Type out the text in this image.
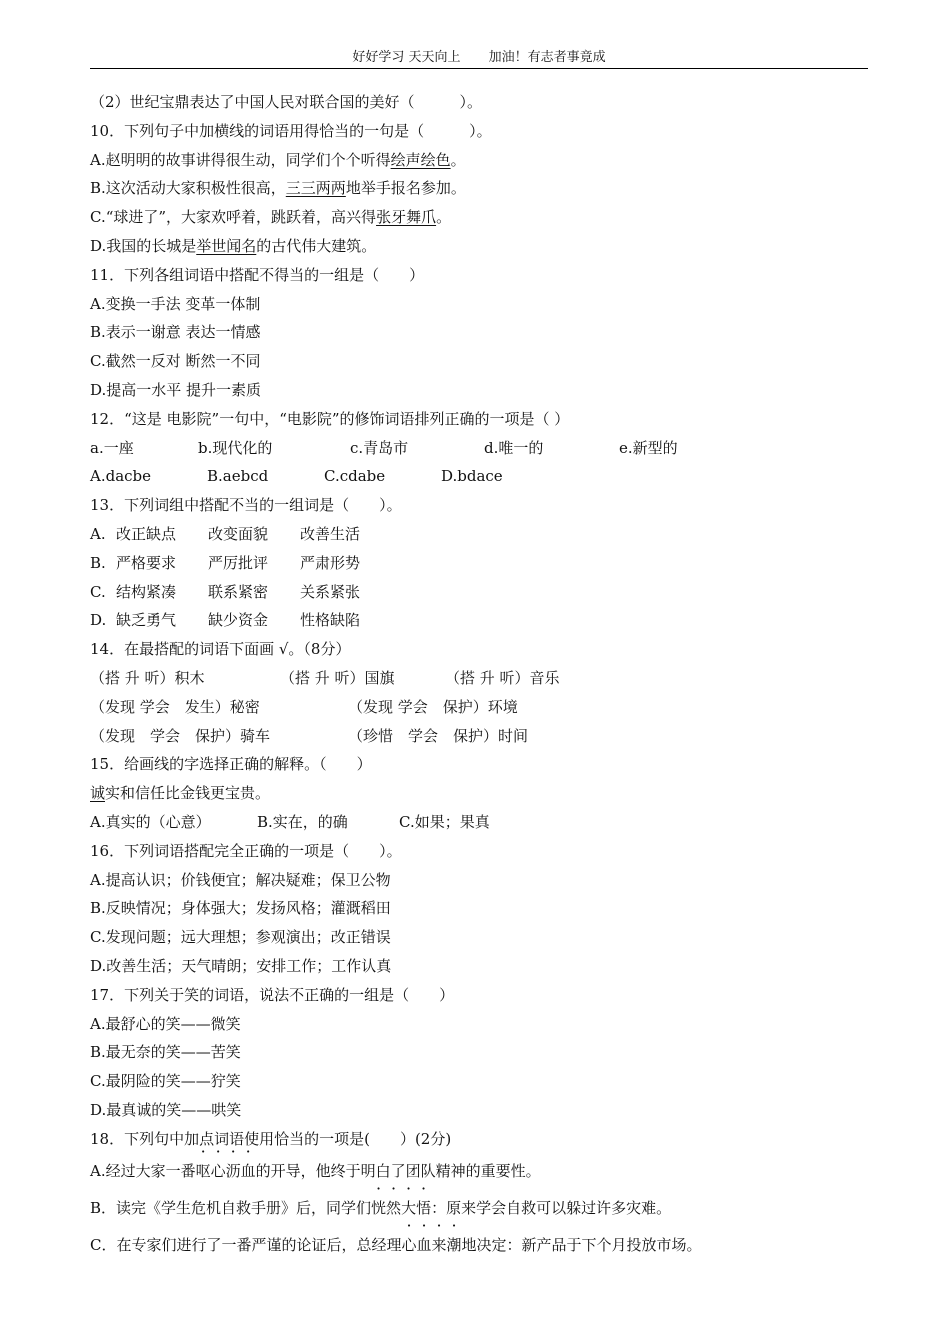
好好学习 天天向上 加油！有志者事竟成
（2）世纪宝鼎表达了中国人民对联合国的美好（　　　）。
10．下列句子中加横线的词语用得恰当的一句是（　　　）。
A.赵明明的故事讲得很生动，同学们个个听得绘声绘色。
B.这次活动大家积极性很高，三三两两地举手报名参加。
C.“球进了”，大家欢呼着，跳跃着，高兴得张牙舞爪。
D.我国的长城是举世闻名的古代伟大建筑。
11．下列各组词语中搭配不得当的一组是（　　）
A.变换一手法 变革一体制
B.表示一谢意 表达一情感
C.截然一反对 断然一不同
D.提高一水平 提升一素质
12．“这是 电影院”一句中，“电影院”的修饰词语排列正确的一项是（ ）
a.一座	b.现代化的	c.青岛市	d.唯一的	e.新型的
A.dacbe	B.aebcd	C.cdabe	D.bdace
13．下列词组中搭配不当的一组词是（　　）。
A. 改正缺点 改变面貌 改善生活
B. 严格要求 严厉批评 严肃形势
C. 结构紧凑 联系紧密 关系紧张
D. 缺乏勇气 缺少资金 性格缺陷
14．在最搭配的词语下面画 √。（8分）
（搭 升 听）积木	（搭 升 听）国旗	（搭 升 听）音乐
（发现 学会　发生）秘密	（发现 学会　保护）环境
（发现　学会　保护）骑车	（珍惜　学会　保护）时间
15．给画线的字选择正确的解释。（　　）
诚实和信任比金钱更宝贵。
A.真实的（心意）	B.实在，的确	C.如果；果真
16．下列词语搭配完全正确的一项是（　　）。
A.提高认识；价钱便宜；解决疑难；保卫公物
B.反映情况；身体强大；发扬风格；灌溉稻田
C.发现问题；远大理想；参观演出；改正错误
D.改善生活；天气晴朗；安排工作；工作认真
17．下列关于笑的词语，说法不正确的一组是（　　）
A.最舒心的笑——微笑
B.最无奈的笑——苦笑
C.最阴险的笑——狞笑
D.最真诚的笑——哄笑
18．下列句中加点词语使用恰当的一项是(　　）(2分)
A.经过大家一番呕心沥血的开导，他终于明白了团队精神的重要性。
B．读完《学生危机自救手册》后，同学们恍然大悟：原来学会自救可以躲过许多灾难。
C．在专家们进行了一番严谨的论证后，总经理心血来潮地决定：新产品于下个月投放市场。
